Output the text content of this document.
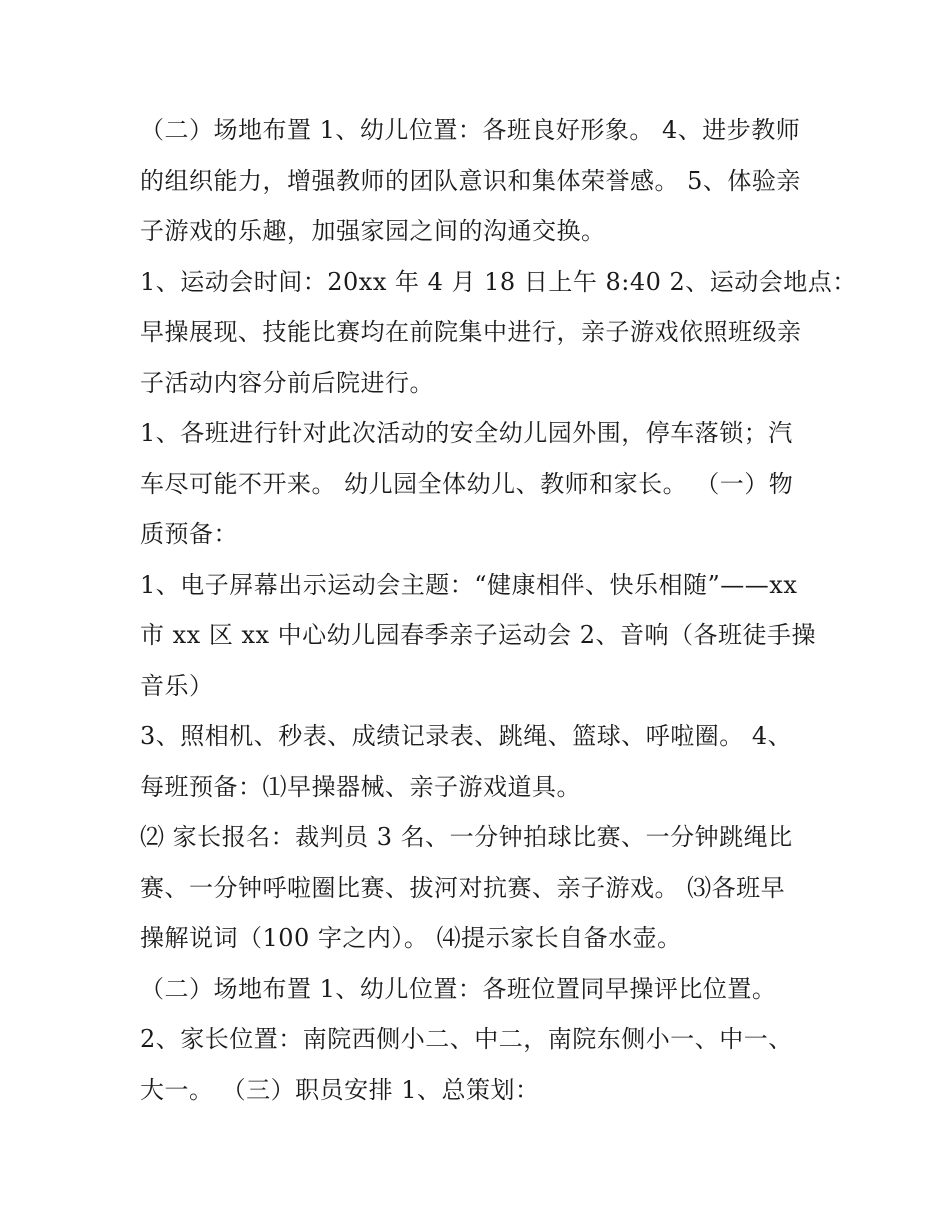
（二）场地布置 1、幼儿位置：各班良好形象。 4、进步教师
的组织能力，增强教师的团队意识和集体荣誉感。 5、体验亲
子游戏的乐趣，加强家园之间的沟通交换。
1、运动会时间：20xx 年 4 月 18 日上午 8:40 2、运动会地点：
早操展现、技能比赛均在前院集中进行，亲子游戏依照班级亲
子活动内容分前后院进行。
1、各班进行针对此次活动的安全幼儿园外围，停车落锁；汽
车尽可能不开来。 幼儿园全体幼儿、教师和家长。 （一）物
质预备：
1、电子屏幕出示运动会主题：“健康相伴、快乐相随”——xx
市 xx 区 xx 中心幼儿园春季亲子运动会 2、音响（各班徒手操
音乐）
3、照相机、秒表、成绩记录表、跳绳、篮球、呼啦圈。 4、
每班预备：⑴早操器械、亲子游戏道具。
⑵ 家长报名：裁判员 3 名、一分钟拍球比赛、一分钟跳绳比
赛、一分钟呼啦圈比赛、拔河对抗赛、亲子游戏。 ⑶各班早
操解说词（100 字之内）。 ⑷提示家长自备水壶。
（二）场地布置 1、幼儿位置：各班位置同早操评比位置。
2、家长位置：南院西侧小二、中二，南院东侧小一、中一、
大一。 （三）职员安排 1、总策划：
